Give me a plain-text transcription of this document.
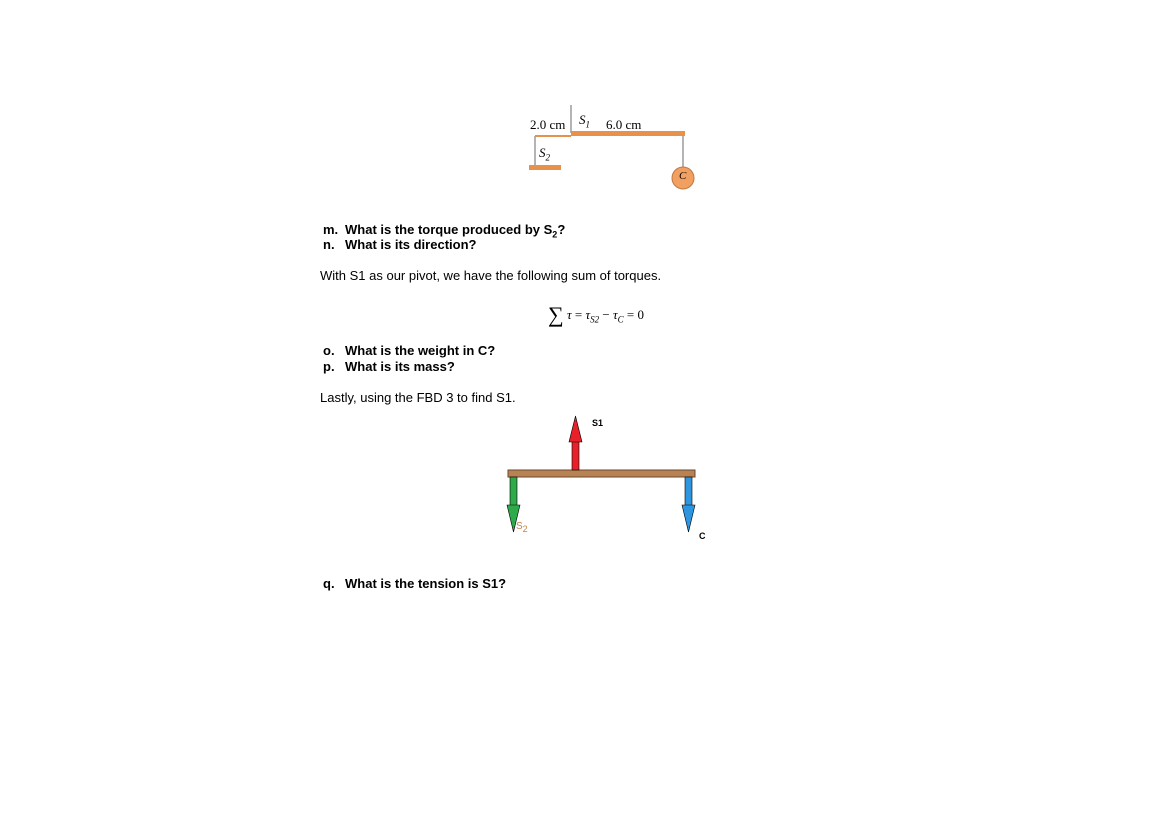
2.0 cm $S_1$ 6.0 cm
$S_2$
C
m. What is the torque produced by $S_2$?
n. What is its direction?
With S1 as our pivot, we have the following sum of torques.
∑ $\tau = \tau_{S2} - \tau_C = 0$
o. What is the weight in C?
p. What is its mass?
Lastly, using the FBD 3 to find S1.
S1
$S_2$
C
q. What is the tension is S1?
